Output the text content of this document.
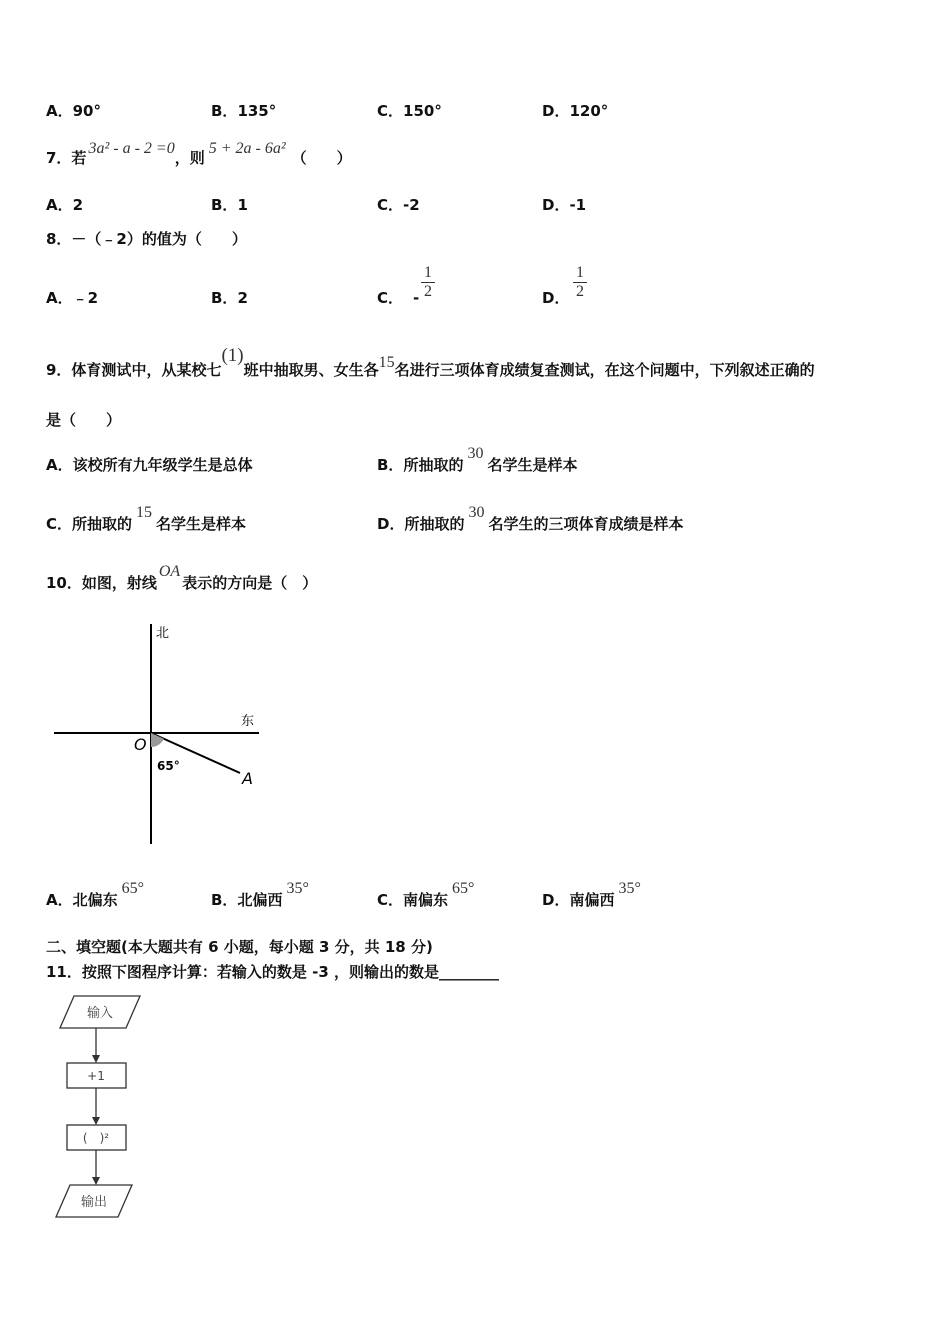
A．90°	B．135°	C．150°	D．120°
7．若3a² - a - 2 =0，则5 + 2a - 6a²（　　）
A．2	B．1	C．-2	D．-1
8．－（﹣2）的值为（　　）
A．﹣2	B．2	C． -
1
2	D．
1
2
9．体育测试中，从某校七(1)班中抽取男、女生各15名进行三项体育成绩复查测试，在这个问题中，下列叙述正确的
是（　　）
A．该校所有九年级学生是总体	B．所抽取的30名学生是样本
C．所抽取的15名学生是样本	D．所抽取的30名学生的三项体育成绩是样本
10．如图，射线OA表示的方向是（　）
北
东
O
65°
A
A．北偏东65°
B．北偏西35°
C．南偏东65°
D．南偏西35°
二、填空题(本大题共有 6 小题，每小题 3 分，共 18 分)
11．按照下图程序计算：若输入的数是 -3 ，则输出的数是________
输入
+1
(　)²
输出
